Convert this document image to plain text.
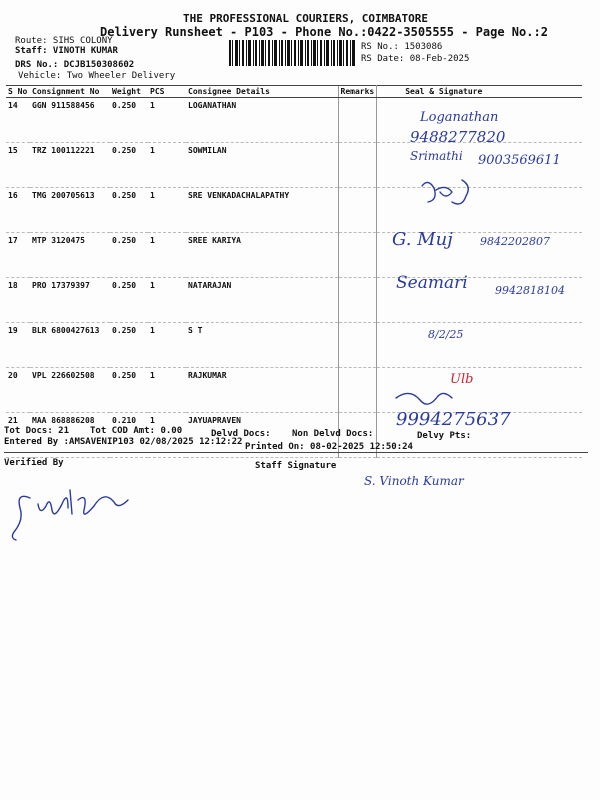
THE PROFESSIONAL COURIERS, COIMBATORE
Delivery Runsheet - P103 - Phone No.:0422-3505555 - Page No.:2
Route: SIHS COLONY
Staff: VINOTH KUMAR
DRS No.: DCJB150308602
Vehicle: Two Wheeler Delivery
RS No.: 1503086
RS Date: 08-Feb-2025
S No	Consignment No	Weight	PCS	Consignee Details	Remarks	Seal & Signature
14	GGN 911588456	0.250	1	LOGANATHAN		
15	TRZ 100112221	0.250	1	SOWMILAN		
16	TMG 200705613	0.250	1	SRE VENKADACHALAPATHY		
17	MTP 3120475	0.250	1	SREE KARIYA		
18	PRO 17379397	0.250	1	NATARAJAN		
19	BLR 6800427613	0.250	1	S T		
20	VPL 226602508	0.250	1	RAJKUMAR		
21	MAA 868886208	0.210	1	JAYUAPRAVEN		
Loganathan
9488277820
Srimathi 9003569611
G. Muj 9842202807
Seamari 9942818104
8/2/25
Ulb
9994275637
Tot Docs: 21 Tot COD Amt: 0.00	Delvd Docs: Non Delvd Docs:	Delvy Pts:
Entered By :AMSAVENIP103 02/08/2025 12:12:22 Printed On: 08-02-2025 12:50:24
Verified By	Staff Signature
S. Vinoth Kumar
